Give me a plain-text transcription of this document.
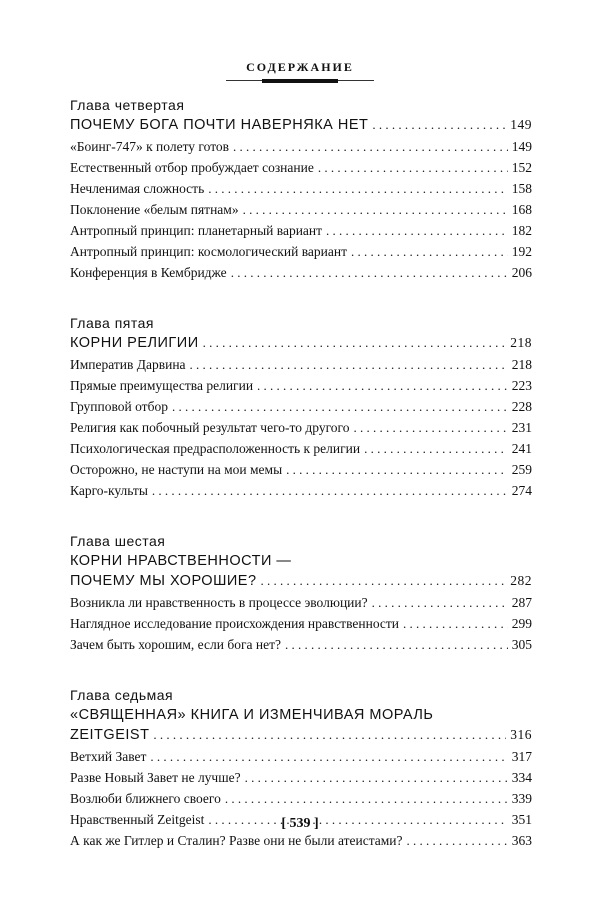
СОДЕРЖАНИЕ
Глава четвертая
ПОЧЕМУ БОГА ПОЧТИ НАВЕРНЯКА НЕТ . . .	149
«Боинг-747» к полету готов . . .	149
Естественный отбор пробуждает сознание . . .	152
Нечленимая сложность . . .	158
Поклонение «белым пятнам» . . .	168
Антропный принцип: планетарный вариант . . .	182
Антропный принцип: космологический вариант . . .	192
Конференция в Кембридже . . .	206
Глава пятая
КОРНИ РЕЛИГИИ . . .	218
Императив Дарвина . . .	218
Прямые преимущества религии . . .	223
Групповой отбор . . .	228
Религия как побочный результат чего-то другого . . .	231
Психологическая предрасположенность к религии . . .	241
Осторожно, не наступи на мои мемы . . .	259
Карго-культы . . .	274
Глава шестая
КОРНИ НРАВСТВЕННОСТИ —
ПОЧЕМУ МЫ ХОРОШИЕ? . . .	282
Возникла ли нравственность в процессе эволюции? . . .	287
Наглядное исследование происхождения нравственности . . .	299
Зачем быть хорошим, если бога нет? . . .	305
Глава седьмая
«СВЯЩЕННАЯ» КНИГА И ИЗМЕНЧИВАЯ МОРАЛЬ
ZEITGEIST . . .	316
Ветхий Завет . . .	317
Разве Новый Завет не лучше? . . .	334
Возлюби ближнего своего . . .	339
Нравственный Zeitgeist . . .	351
А как же Гитлер и Сталин? Разве они не были атеистами? . . .	363
[ 539 ]
